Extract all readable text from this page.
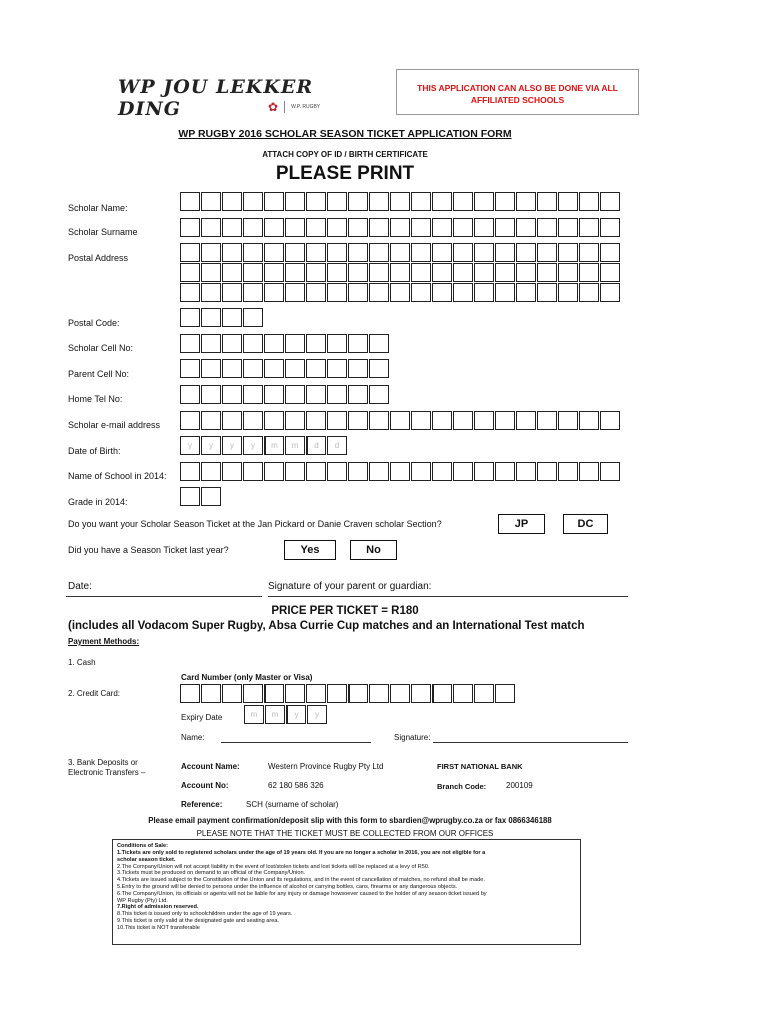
WP JOU LEKKER DING	✿	W.P. RUGBY
THIS APPLICATION CAN ALSO BE DONE VIA ALL
AFFILIATED SCHOOLS
WP RUGBY 2016 SCHOLAR SEASON TICKET APPLICATION FORM
ATTACH COPY OF ID / BIRTH CERTIFICATE
PLEASE PRINT
Scholar Name:
Scholar Surname
Postal Address
Postal Code:
Scholar Cell No:
Parent Cell No:
Home Tel No:
Scholar e-mail address
Date of Birth:
Name of School in 2014:
Grade in 2014:
y	y	y	y	m	m	d	d
Do you want your Scholar Season Ticket at the Jan Pickard or Danie Craven scholar Section?	JP	DC
Did you have a Season Ticket last year?	Yes	No
Date:	Signature of your parent or guardian:
PRICE PER TICKET = R180
(includes all Vodacom Super Rugby, Absa Currie Cup matches and an International Test match
Payment Methods:
1. Cash
Card Number (only Master or Visa)
2. Credit Card:
Expiry Date	m	m	y	y
Name:	Signature:
3. Bank Deposits or
Electronic Transfers –
Account Name:	Western Province Rugby Pty Ltd	FIRST NATIONAL BANK
Account No:	62 180 586 326	Branch Code: 200109
Reference:	SCH (surname of scholar)
Please email payment confirmation/deposit slip with this form to sbardien@wprugby.co.za or fax 0866346188
PLEASE NOTE THAT THE TICKET MUST BE COLLECTED FROM OUR OFFICES
Conditions of Sale:
1.Tickets are only sold to registered scholars under the age of 19 years old. If you are no longer a scholar in 2016, you are not eligible for a
scholar season ticket.
2.The Company/Union will not accept liability in the event of lost/stolen tickets and lost tickets will be replaced at a levy of R50.
3.Tickets must be produced on demand to an official of the Company/Union.
4.Tickets are issued subject to the Constitution of the Union and its regulations, and in the event of cancellation of matches, no refund shall be made.
5.Entry to the ground will be denied to persons under the influence of alcohol or carrying bottles, cans, firearms or any dangerous objects.
6.The Company/Union, its officials or agents will not be liable for any injury or damage howsoever caused to the holder of any season ticket issued by
WP Rugby (Pty) Ltd.
7.Right of admission reserved.
8.This ticket is issued only to schoolchildren under the age of 19 years.
9.This ticket is only valid at the designated gate and seating area.
10.This ticket is NOT transferable
